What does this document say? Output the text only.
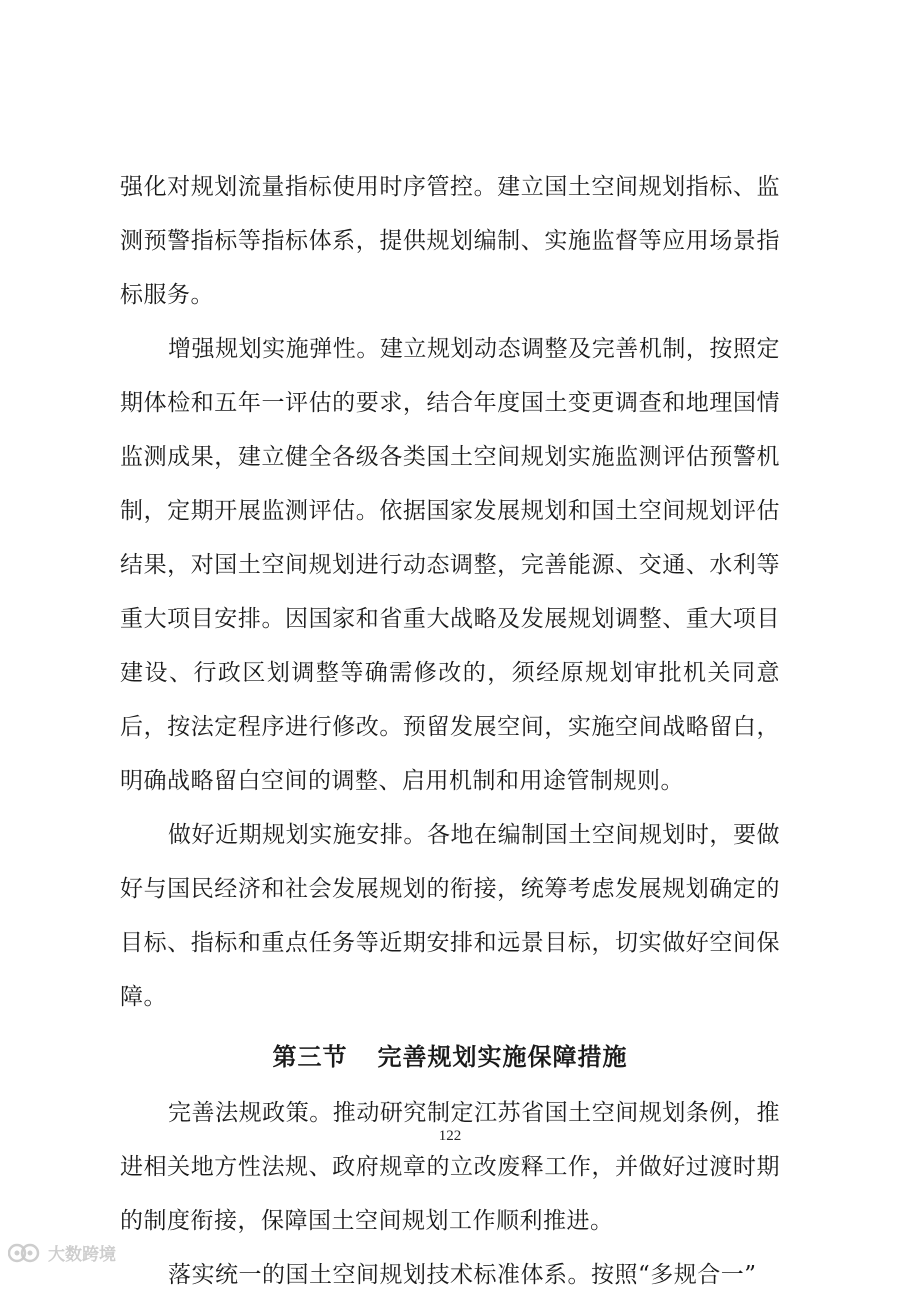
强化对规划流量指标使用时序管控。建立国土空间规划指标、监测预警指标等指标体系，提供规划编制、实施监督等应用场景指标服务。

增强规划实施弹性。建立规划动态调整及完善机制，按照定期体检和五年一评估的要求，结合年度国土变更调查和地理国情监测成果，建立健全各级各类国土空间规划实施监测评估预警机制，定期开展监测评估。依据国家发展规划和国土空间规划评估结果，对国土空间规划进行动态调整，完善能源、交通、水利等重大项目安排。因国家和省重大战略及发展规划调整、重大项目建设、行政区划调整等确需修改的，须经原规划审批机关同意后，按法定程序进行修改。预留发展空间，实施空间战略留白，明确战略留白空间的调整、启用机制和用途管制规则。

做好近期规划实施安排。各地在编制国土空间规划时，要做好与国民经济和社会发展规划的衔接，统筹考虑发展规划确定的目标、指标和重点任务等近期安排和远景目标，切实做好空间保障。

第三节 完善规划实施保障措施

完善法规政策。推动研究制定江苏省国土空间规划条例，推进相关地方性法规、政府规章的立改废释工作，并做好过渡时期的制度衔接，保障国土空间规划工作顺利推进。

落实统一的国土空间规划技术标准体系。按照“多规合一”

122
大数跨境
